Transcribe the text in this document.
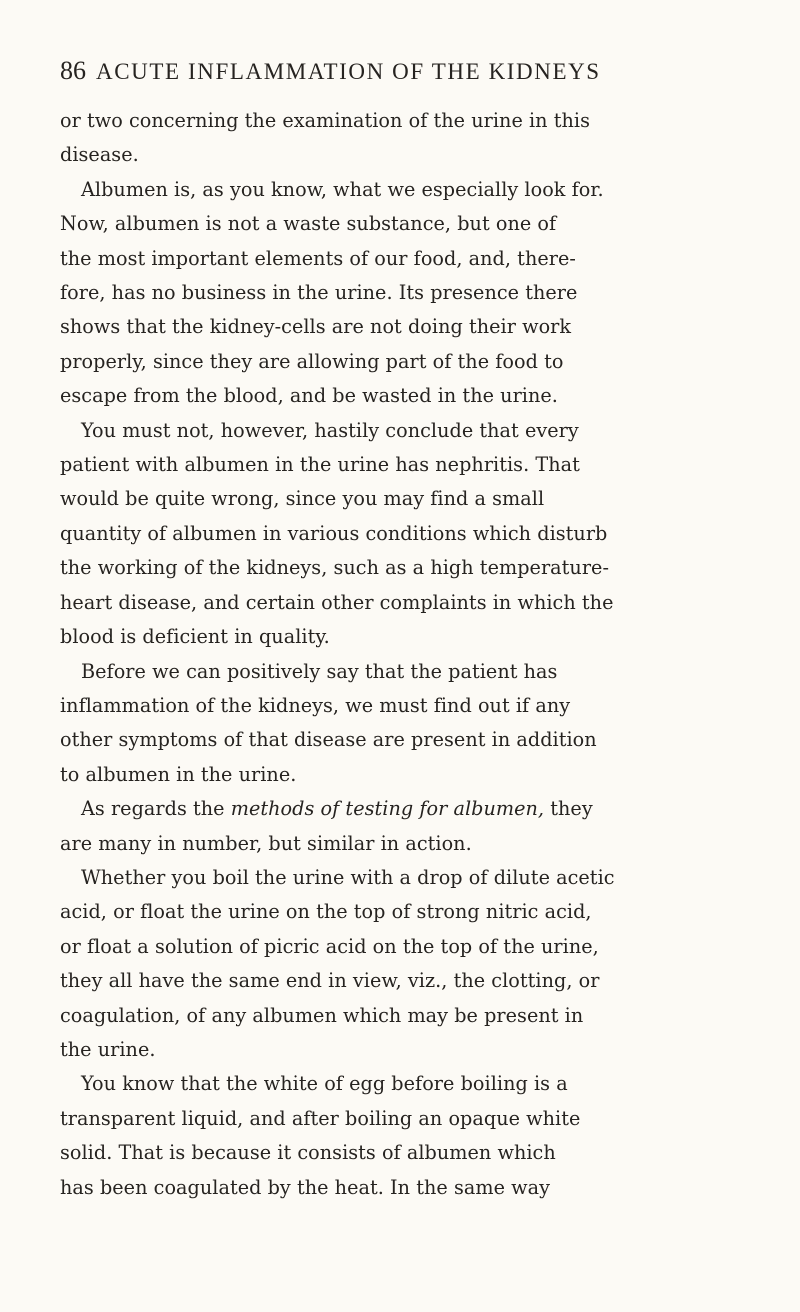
86 ACUTE INFLAMMATION OF THE KIDNEYS

or two concerning the examination of the urine in this
disease.

Albumen is, as you know, what we especially look for.
Now, albumen is not a waste substance, but one of
the most important elements of our food, and, there-
fore, has no business in the urine. Its presence there
shows that the kidney-cells are not doing their work
properly, since they are allowing part of the food to
escape from the blood, and be wasted in the urine.

You must not, however, hastily conclude that every
patient with albumen in the urine has nephritis. That
would be quite wrong, since you may find a small
quantity of albumen in various conditions which disturb
the working of the kidneys, such as a high temperature-
heart disease, and certain other complaints in which the
blood is deficient in quality.

Before we can positively say that the patient has
inflammation of the kidneys, we must find out if any
other symptoms of that disease are present in addition
to albumen in the urine.

As regards the methods of testing for albumen, they
are many in number, but similar in action.

Whether you boil the urine with a drop of dilute acetic
acid, or float the urine on the top of strong nitric acid,
or float a solution of picric acid on the top of the urine,
they all have the same end in view, viz., the clotting, or
coagulation, of any albumen which may be present in
the urine.

You know that the white of egg before boiling is a
transparent liquid, and after boiling an opaque white
solid. That is because it consists of albumen which
has been coagulated by the heat. In the same way
